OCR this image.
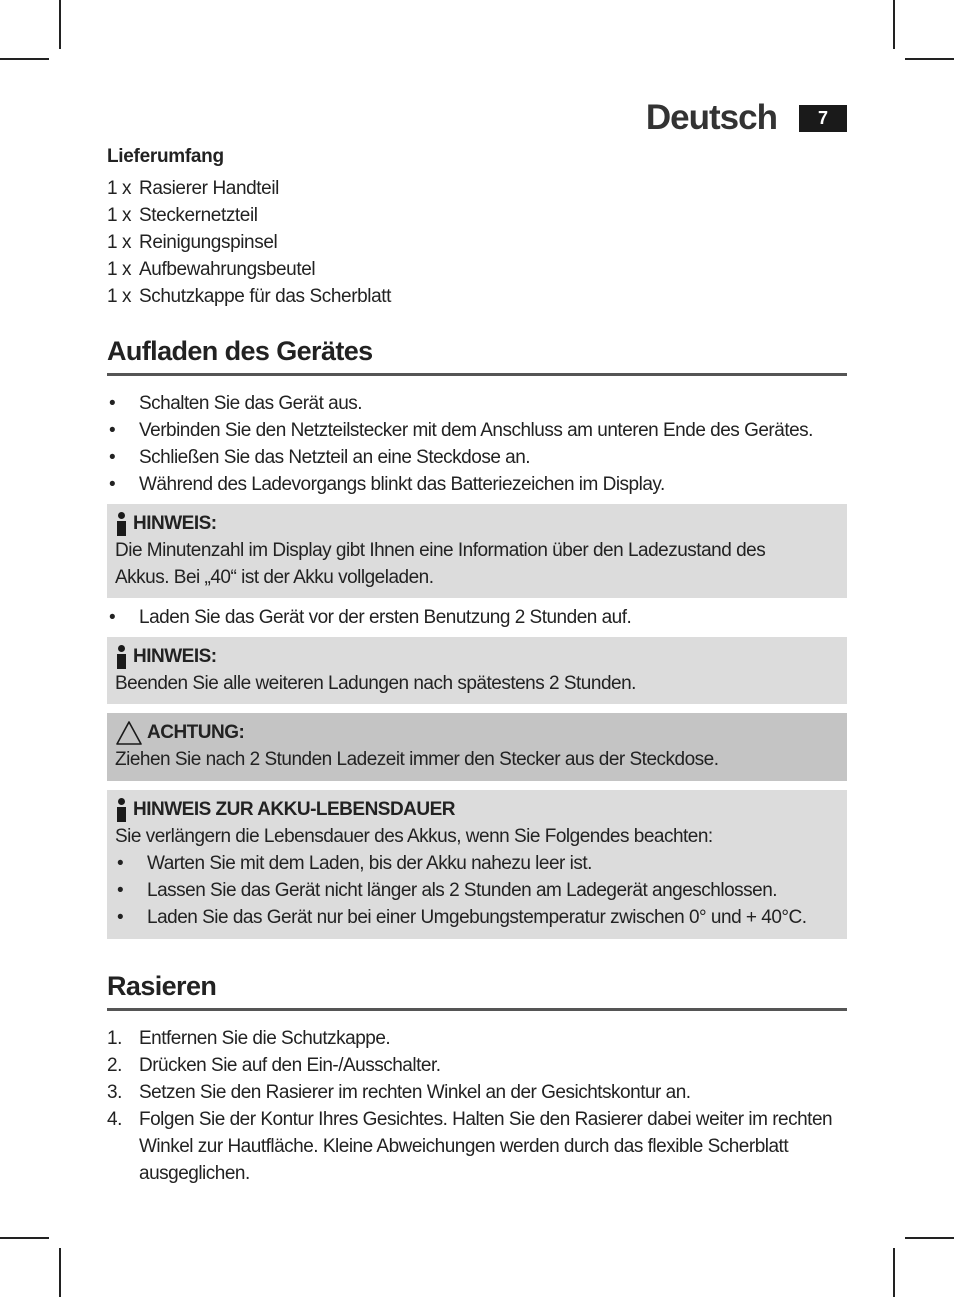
Deutsch	7
Lieferumfang
1 x Rasierer Handteil
1 x Steckernetzteil
1 x Reinigungspinsel
1 x Aufbewahrungsbeutel
1 x Schutzkappe für das Scherblatt
Aufladen des Gerätes
• Schalten Sie das Gerät aus.
• Verbinden Sie den Netzteilstecker mit dem Anschluss am unteren Ende des Gerätes.
• Schließen Sie das Netzteil an eine Steckdose an.
• Während des Ladevorgangs blinkt das Batteriezeichen im Display.
HINWEIS:
Die Minutenzahl im Display gibt Ihnen eine Information über den Ladezustand des
Akkus. Bei „40“ ist der Akku vollgeladen.
• Laden Sie das Gerät vor der ersten Benutzung 2 Stunden auf.
HINWEIS:
Beenden Sie alle weiteren Ladungen nach spätestens 2 Stunden.
ACHTUNG:
Ziehen Sie nach 2 Stunden Ladezeit immer den Stecker aus der Steckdose.
HINWEIS ZUR AKKU-LEBENSDAUER
Sie verlängern die Lebensdauer des Akkus, wenn Sie Folgendes beachten:
• Warten Sie mit dem Laden, bis der Akku nahezu leer ist.
• Lassen Sie das Gerät nicht länger als 2 Stunden am Ladegerät angeschlossen.
• Laden Sie das Gerät nur bei einer Umgebungstemperatur zwischen 0° und + 40°C.
Rasieren
1. Entfernen Sie die Schutzkappe.
2. Drücken Sie auf den Ein-/Ausschalter.
3. Setzen Sie den Rasierer im rechten Winkel an der Gesichtskontur an.
4. Folgen Sie der Kontur Ihres Gesichtes. Halten Sie den Rasierer dabei weiter im rechten
Winkel zur Hautfläche. Kleine Abweichungen werden durch das flexible Scherblatt
ausgeglichen.
